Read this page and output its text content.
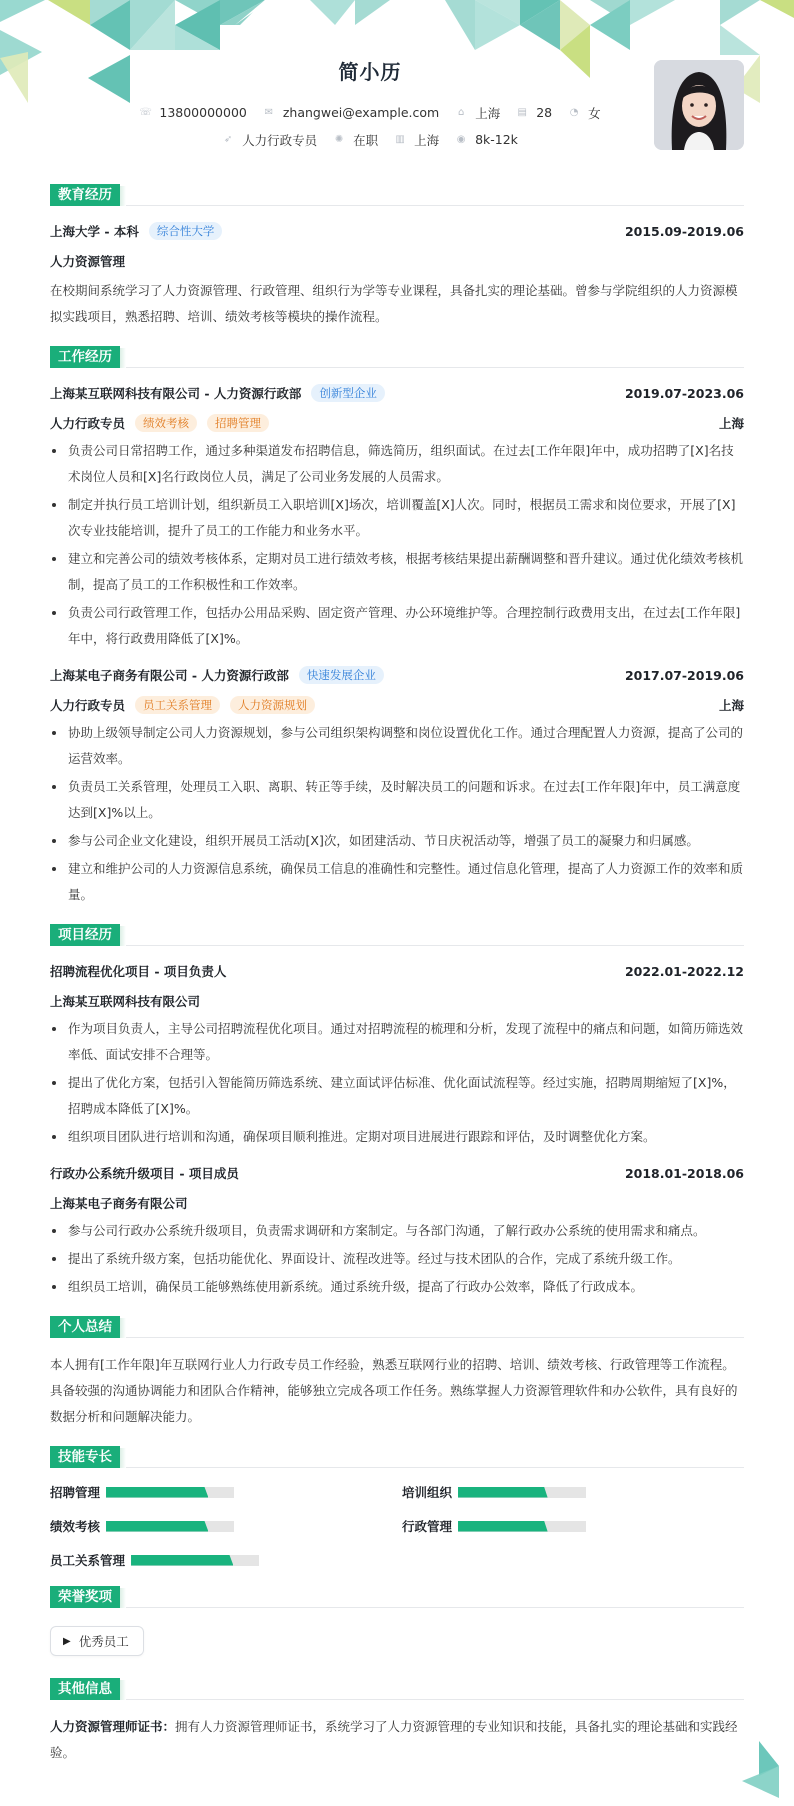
简小历
☏ 13800000000
✉ zhangwei@example.com
⌂ 上海
▤ 28
◔ 女
➶ 人力行政专员
✺ 在职
▥ 上海
◉ 8k-12k
教育经历
上海大学 - 本科	综合性大学	2015.09-2019.06
人力资源管理
在校期间系统学习了人力资源管理、行政管理、组织行为学等专业课程，具备扎实的理论基础。曾参与学院组织的人力资源模拟实践项目，熟悉招聘、培训、绩效考核等模块的操作流程。
工作经历
上海某互联网科技有限公司 - 人力资源行政部	创新型企业	2019.07-2023.06
人力行政专员	绩效考核	招聘管理	上海
负责公司日常招聘工作，通过多种渠道发布招聘信息，筛选简历，组织面试。在过去[工作年限]年中，成功招聘了[X]名技术岗位人员和[X]名行政岗位人员，满足了公司业务发展的人员需求。
制定并执行员工培训计划，组织新员工入职培训[X]场次，培训覆盖[X]人次。同时，根据员工需求和岗位要求，开展了[X]次专业技能培训，提升了员工的工作能力和业务水平。
建立和完善公司的绩效考核体系，定期对员工进行绩效考核，根据考核结果提出薪酬调整和晋升建议。通过优化绩效考核机制，提高了员工的工作积极性和工作效率。
负责公司行政管理工作，包括办公用品采购、固定资产管理、办公环境维护等。合理控制行政费用支出，在过去[工作年限]年中，将行政费用降低了[X]%。
上海某电子商务有限公司 - 人力资源行政部	快速发展企业	2017.07-2019.06
人力行政专员	员工关系管理	人力资源规划	上海
协助上级领导制定公司人力资源规划，参与公司组织架构调整和岗位设置优化工作。通过合理配置人力资源，提高了公司的运营效率。
负责员工关系管理，处理员工入职、离职、转正等手续，及时解决员工的问题和诉求。在过去[工作年限]年中，员工满意度达到[X]%以上。
参与公司企业文化建设，组织开展员工活动[X]次，如团建活动、节日庆祝活动等，增强了员工的凝聚力和归属感。
建立和维护公司的人力资源信息系统，确保员工信息的准确性和完整性。通过信息化管理，提高了人力资源工作的效率和质量。
项目经历
招聘流程优化项目 - 项目负责人	2022.01-2022.12
上海某互联网科技有限公司
作为项目负责人，主导公司招聘流程优化项目。通过对招聘流程的梳理和分析，发现了流程中的痛点和问题，如简历筛选效率低、面试安排不合理等。
提出了优化方案，包括引入智能简历筛选系统、建立面试评估标准、优化面试流程等。经过实施，招聘周期缩短了[X]%，招聘成本降低了[X]%。
组织项目团队进行培训和沟通，确保项目顺利推进。定期对项目进展进行跟踪和评估，及时调整优化方案。
行政办公系统升级项目 - 项目成员	2018.01-2018.06
上海某电子商务有限公司
参与公司行政办公系统升级项目，负责需求调研和方案制定。与各部门沟通，了解行政办公系统的使用需求和痛点。
提出了系统升级方案，包括功能优化、界面设计、流程改进等。经过与技术团队的合作，完成了系统升级工作。
组织员工培训，确保员工能够熟练使用新系统。通过系统升级，提高了行政办公效率，降低了行政成本。
个人总结
本人拥有[工作年限]年互联网行业人力行政专员工作经验，熟悉互联网行业的招聘、培训、绩效考核、行政管理等工作流程。具备较强的沟通协调能力和团队合作精神，能够独立完成各项工作任务。熟练掌握人力资源管理软件和办公软件，具有良好的数据分析和问题解决能力。
技能专长
招聘管理	培训组织
绩效考核	行政管理
员工关系管理
荣誉奖项
▶ 优秀员工
其他信息
人力资源管理师证书：拥有人力资源管理师证书，系统学习了人力资源管理的专业知识和技能，具备扎实的理论基础和实践经验。
